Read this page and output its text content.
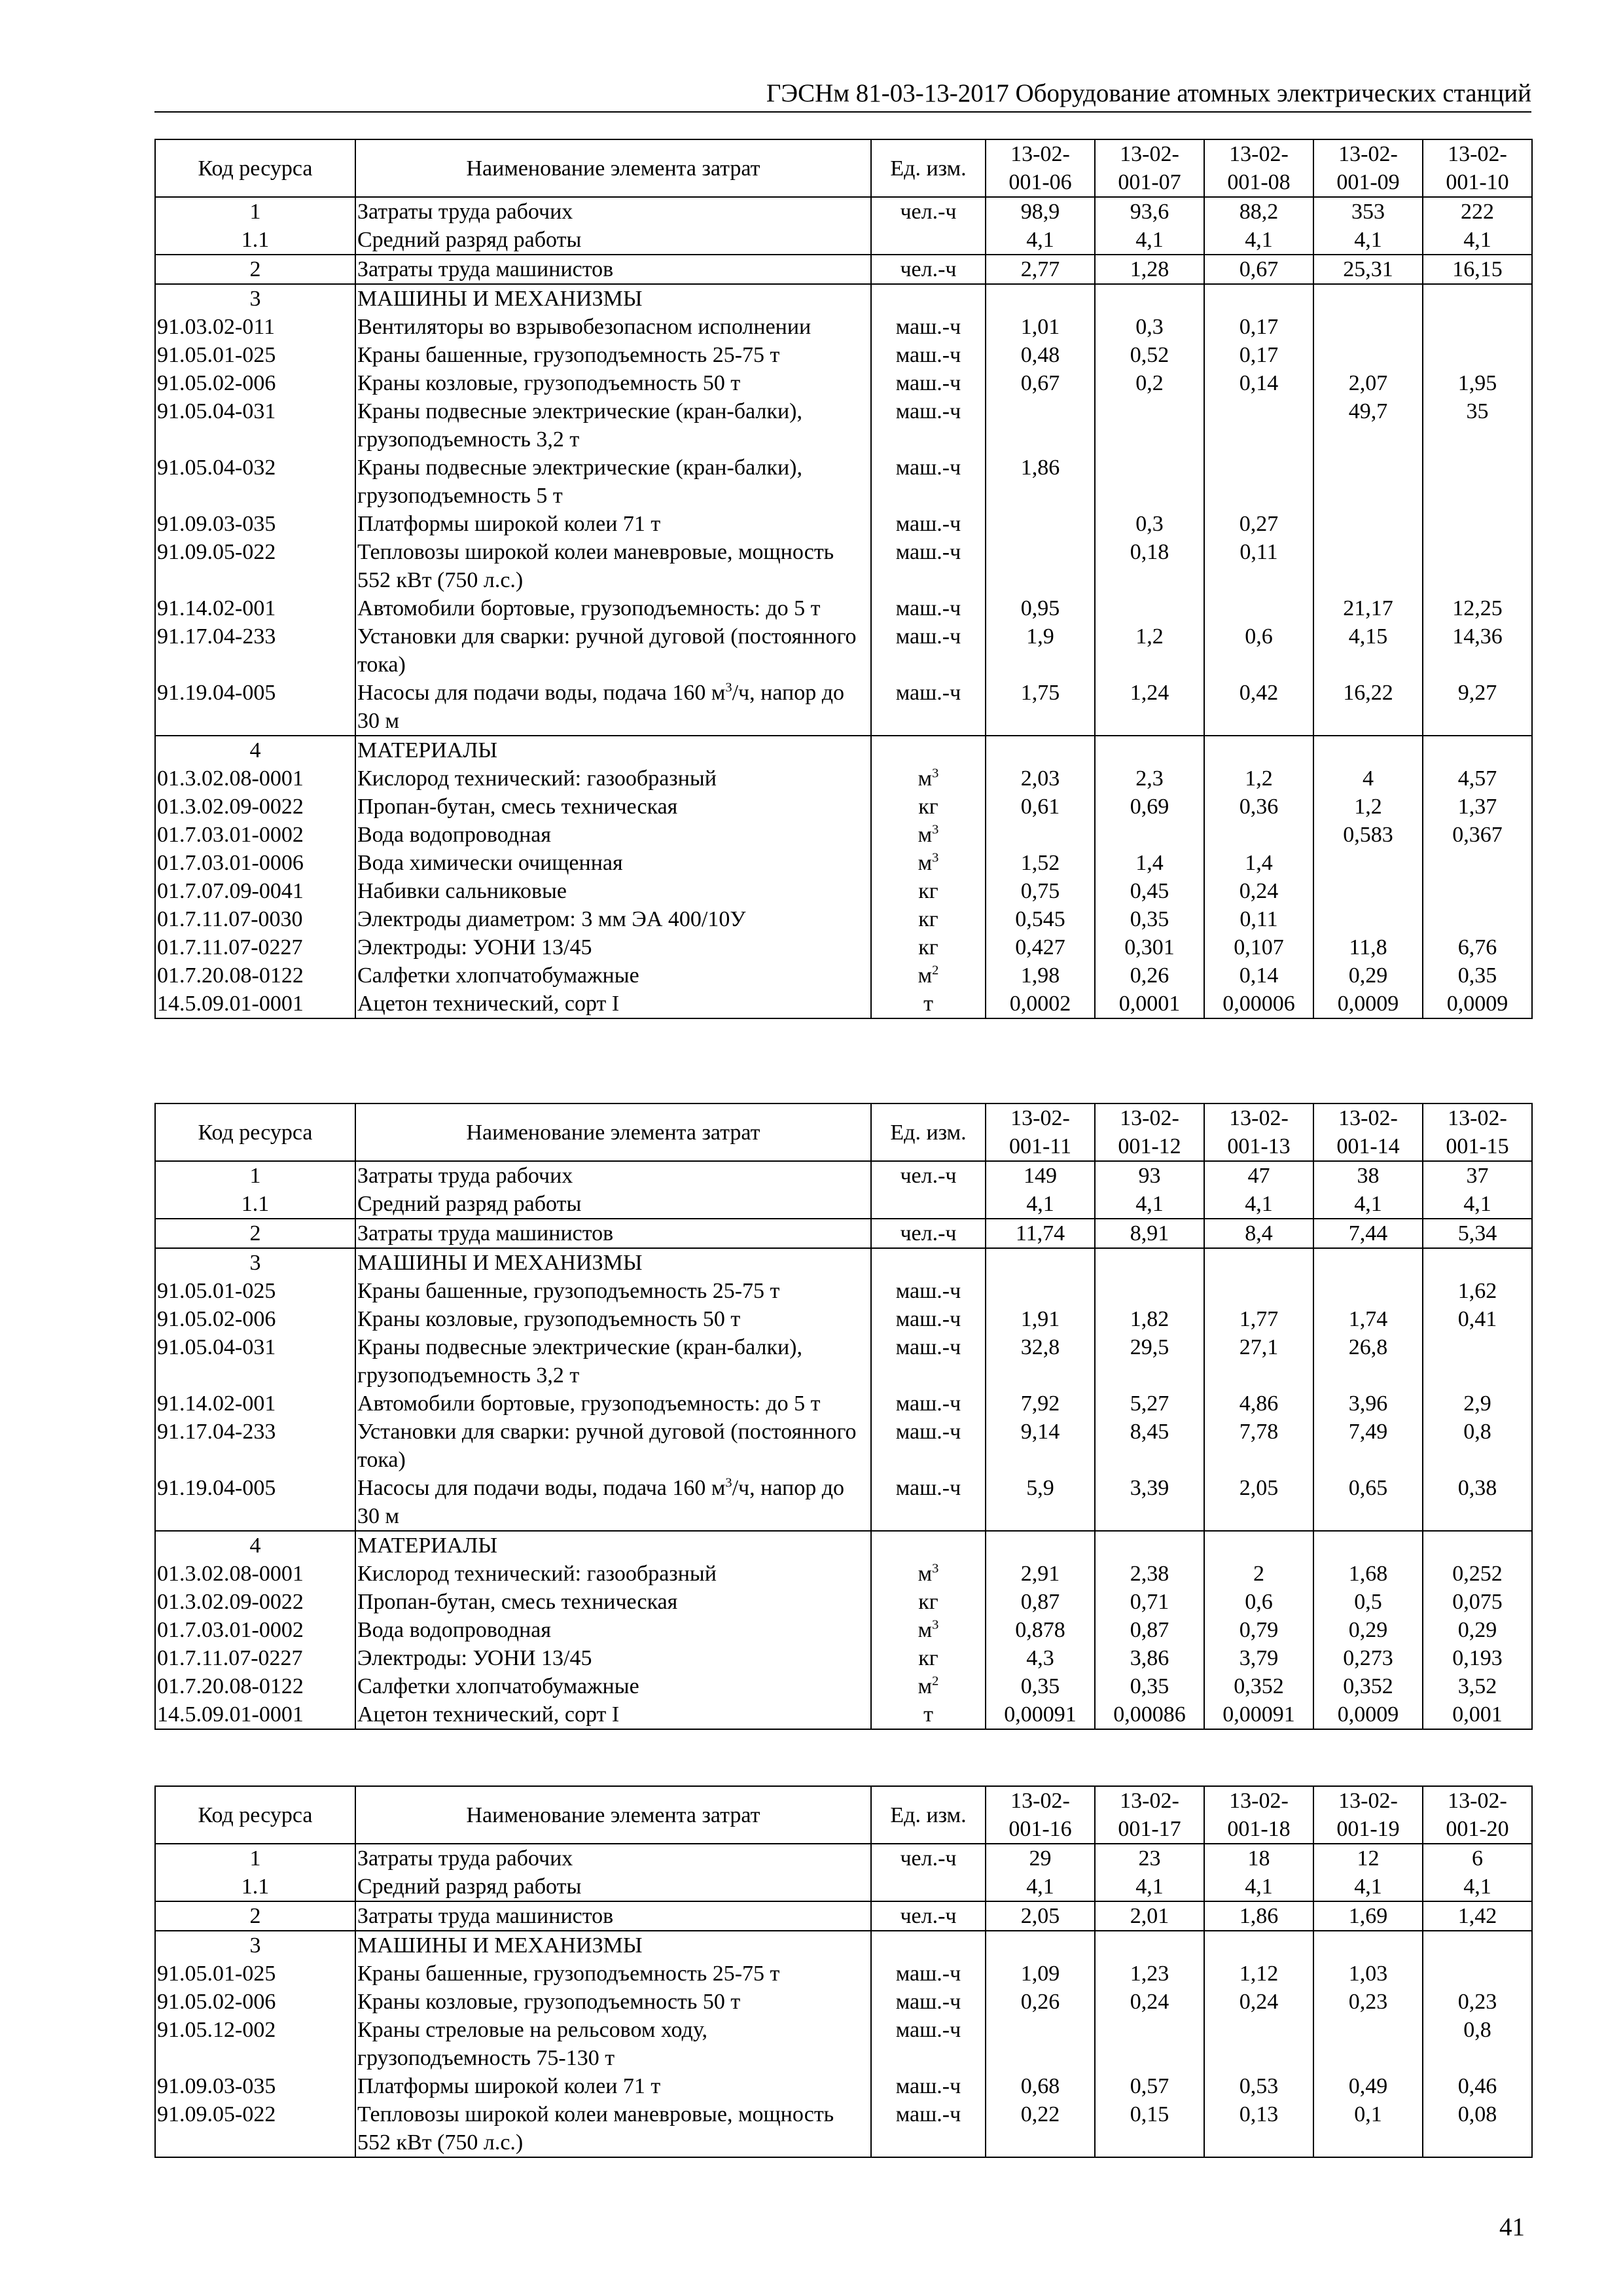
ГЭСНм 81-03-13-2017 Оборудование атомных электрических станций
Код ресурса	Наименование элемента затрат	Ед. изм.	13-02-
001-06	13-02-
001-07	13-02-
001-08	13-02-
001-09	13-02-
001-10
1	Затраты труда рабочих	чел.-ч	98,9	93,6	88,2	353	222
1.1	Средний разряд работы		4,1	4,1	4,1	4,1	4,1
2	Затраты труда машинистов	чел.-ч	2,77	1,28	0,67	25,31	16,15
3	МАШИНЫ И МЕХАНИЗМЫ						
91.03.02-011	Вентиляторы во взрывобезопасном исполнении	маш.-ч	1,01	0,3	0,17		
91.05.01-025	Краны башенные, грузоподъемность 25-75 т	маш.-ч	0,48	0,52	0,17		
91.05.02-006	Краны козловые, грузоподъемность 50 т	маш.-ч	0,67	0,2	0,14	2,07	1,95
91.05.04-031	Краны подвесные электрические (кран-балки), грузоподъемность 3,2 т	маш.-ч				49,7	35
91.05.04-032	Краны подвесные электрические (кран-балки), грузоподъемность 5 т	маш.-ч	1,86				
91.09.03-035	Платформы широкой колеи 71 т	маш.-ч		0,3	0,27		
91.09.05-022	Тепловозы широкой колеи маневровые, мощность 552 кВт (750 л.с.)	маш.-ч		0,18	0,11		
91.14.02-001	Автомобили бортовые, грузоподъемность: до 5 т	маш.-ч	0,95			21,17	12,25
91.17.04-233	Установки для сварки: ручной дуговой (постоянного тока)	маш.-ч	1,9	1,2	0,6	4,15	14,36
91.19.04-005	Насосы для подачи воды, подача 160 $м^3/ч$, напор до 30 м	маш.-ч	1,75	1,24	0,42	16,22	9,27
4	МАТЕРИАЛЫ						
01.3.02.08-0001	Кислород технический: газообразный	$м^3$	2,03	2,3	1,2	4	4,57
01.3.02.09-0022	Пропан-бутан, смесь техническая	кг	0,61	0,69	0,36	1,2	1,37
01.7.03.01-0002	Вода водопроводная	$м^3$				0,583	0,367
01.7.03.01-0006	Вода химически очищенная	$м^3$	1,52	1,4	1,4		
01.7.07.09-0041	Набивки сальниковые	кг	0,75	0,45	0,24		
01.7.11.07-0030	Электроды диаметром: 3 мм ЭА 400/10У	кг	0,545	0,35	0,11		
01.7.11.07-0227	Электроды: УОНИ 13/45	кг	0,427	0,301	0,107	11,8	6,76
01.7.20.08-0122	Салфетки хлопчатобумажные	$м^2$	1,98	0,26	0,14	0,29	0,35
14.5.09.01-0001	Ацетон технический, сорт I	т	0,0002	0,0001	0,00006	0,0009	0,0009
Код ресурса	Наименование элемента затрат	Ед. изм.	13-02-
001-11	13-02-
001-12	13-02-
001-13	13-02-
001-14	13-02-
001-15
1	Затраты труда рабочих	чел.-ч	149	93	47	38	37
1.1	Средний разряд работы		4,1	4,1	4,1	4,1	4,1
2	Затраты труда машинистов	чел.-ч	11,74	8,91	8,4	7,44	5,34
3	МАШИНЫ И МЕХАНИЗМЫ						
91.05.01-025	Краны башенные, грузоподъемность 25-75 т	маш.-ч					1,62
91.05.02-006	Краны козловые, грузоподъемность 50 т	маш.-ч	1,91	1,82	1,77	1,74	0,41
91.05.04-031	Краны подвесные электрические (кран-балки), грузоподъемность 3,2 т	маш.-ч	32,8	29,5	27,1	26,8	
91.14.02-001	Автомобили бортовые, грузоподъемность: до 5 т	маш.-ч	7,92	5,27	4,86	3,96	2,9
91.17.04-233	Установки для сварки: ручной дуговой (постоянного тока)	маш.-ч	9,14	8,45	7,78	7,49	0,8
91.19.04-005	Насосы для подачи воды, подача 160 $м^3/ч$, напор до 30 м	маш.-ч	5,9	3,39	2,05	0,65	0,38
4	МАТЕРИАЛЫ						
01.3.02.08-0001	Кислород технический: газообразный	$м^3$	2,91	2,38	2	1,68	0,252
01.3.02.09-0022	Пропан-бутан, смесь техническая	кг	0,87	0,71	0,6	0,5	0,075
01.7.03.01-0002	Вода водопроводная	$м^3$	0,878	0,87	0,79	0,29	0,29
01.7.11.07-0227	Электроды: УОНИ 13/45	кг	4,3	3,86	3,79	0,273	0,193
01.7.20.08-0122	Салфетки хлопчатобумажные	$м^2$	0,35	0,35	0,352	0,352	3,52
14.5.09.01-0001	Ацетон технический, сорт I	т	0,00091	0,00086	0,00091	0,0009	0,001
Код ресурса	Наименование элемента затрат	Ед. изм.	13-02-
001-16	13-02-
001-17	13-02-
001-18	13-02-
001-19	13-02-
001-20
1	Затраты труда рабочих	чел.-ч	29	23	18	12	6
1.1	Средний разряд работы		4,1	4,1	4,1	4,1	4,1
2	Затраты труда машинистов	чел.-ч	2,05	2,01	1,86	1,69	1,42
3	МАШИНЫ И МЕХАНИЗМЫ						
91.05.01-025	Краны башенные, грузоподъемность 25-75 т	маш.-ч	1,09	1,23	1,12	1,03	
91.05.02-006	Краны козловые, грузоподъемность 50 т	маш.-ч	0,26	0,24	0,24	0,23	0,23
91.05.12-002	Краны стреловые на рельсовом ходу, грузоподъемность 75-130 т	маш.-ч					0,8
91.09.03-035	Платформы широкой колеи 71 т	маш.-ч	0,68	0,57	0,53	0,49	0,46
91.09.05-022	Тепловозы широкой колеи маневровые, мощность 552 кВт (750 л.с.)	маш.-ч	0,22	0,15	0,13	0,1	0,08
41
